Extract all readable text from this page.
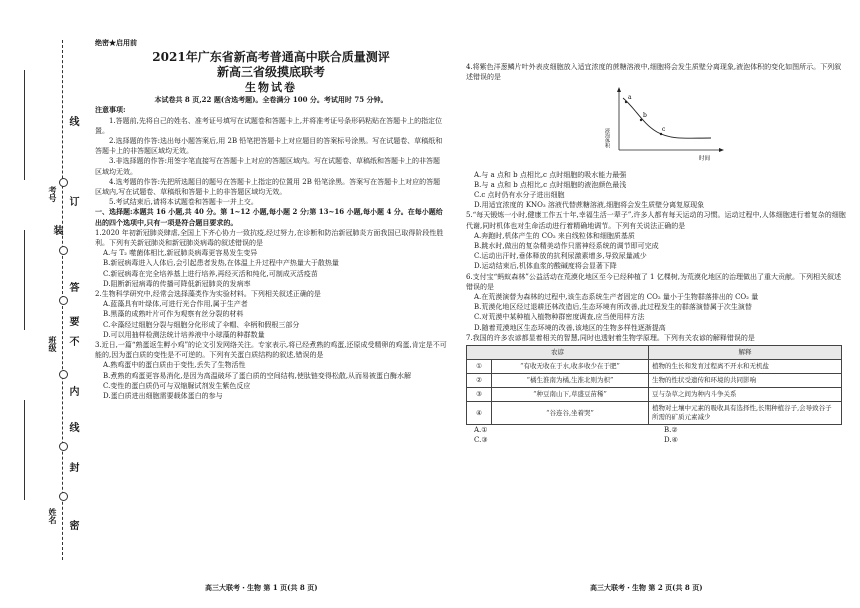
考号
班级
姓名
线
订
装
答
要
不
内
线
封
密
绝密★启用前
2021年广东省新高考普通高中联合质量测评
新高三省级摸底联考
生物试卷

本试卷共 8 页,22 题(含选考题)。全卷满分 100 分。考试用时 75 分钟。

注意事项:

1.答题前,先将自己的姓名、准考证号填写在试题卷和答题卡上,并将准考证号条形码粘贴在答题卡上的指定位置。

2.选择题的作答:选出每小题答案后,用 2B 铅笔把答题卡上对应题目的答案标号涂黑。写在试题卷、草稿纸和答题卡上的非答题区域均无效。

3.非选择题的作答:用签字笔直接写在答题卡上对应的答题区域内。写在试题卷、草稿纸和答题卡上的非答题区域均无效。

4.选考题的作答:先把所选题目的题号在答题卡上指定的位置用 2B 铅笔涂黑。答案写在答题卡上对应的答题区域内,写在试题卷、草稿纸和答题卡上的非答题区域均无效。

5.考试结束后,请将本试题卷和答题卡一并上交。

一、选择题:本题共 16 小题,共 40 分。第 1~12 小题,每小题 2 分;第 13~16 小题,每小题 4 分。在每小题给出的四个选项中,只有一项是符合题目要求的。

1.2020 年初新冠肺炎肆虐,全国上下齐心协力一致抗疫,经过努力,在诊断和防治新冠肺炎方面我国已取得阶段性胜利。下列有关新冠肺炎和新冠肺炎病毒的叙述错误的是

A.与 T₂ 噬菌体相比,新冠肺炎病毒更容易发生变异

B.新冠病毒进入人体后,会引起患者发热,在体温上升过程中产热量大于散热量

C.新冠病毒在完全培养基上进行培养,再经灭活和纯化,可制成灭活疫苗

D.阻断新冠病毒的传播可降低新冠肺炎的发病率

2.生物科学研究中,经常会选择藻类作为实验材料。下列相关叙述正确的是

A.蓝藻具有叶绿体,可进行光合作用,属于生产者

B.黑藻的成熟叶片可作为观察有丝分裂的材料

C.伞藻经过细胞分裂与细胞分化形成了伞帽、伞柄和假根三部分

D.可以用抽样检测法统计培养液中小球藻的种群数量

3.近日,一篇“熟蛋返生孵小鸡”的论文引发网络关注。专家表示,将已经煮熟的鸡蛋,还原成受精卵的鸡蛋,肯定是不可能的,因为蛋白质的变性是不可逆的。下列有关蛋白质结构的叙述,错误的是

A.熟鸡蛋中的蛋白质由于变性,丢失了生物活性

B.煮熟的鸡蛋更容易消化,是因为高温破坏了蛋白质的空间结构,使肽链变得松散,从而易被蛋白酶水解

C.变性的蛋白质仍可与双缩脲试剂发生紫色反应

D.蛋白质进出细胞需要载体蛋白的参与

高三大联考・生物 第 1 页(共 8 页)

4.将紫色洋葱鳞片叶外表皮细胞放入适宜浓度的蔗糖溶液中,细胞将会发生质壁分离现象,液泡体积的变化如图所示。下列叙述错误的是

a
b
c
液泡体积
时间

A.与 a 点和 b 点相比,c 点时细胞的吸水能力最强

B.与 a 点和 b 点相比,c 点时细胞的液泡颜色最浅

C.c 点时仍有水分子进出细胞

D.用适宜浓度的 KNO₃ 溶液代替蔗糖溶液,细胞将会发生质壁分离复原现象

5.“每天锻炼一小时,健康工作五十年,幸福生活一辈子”,许多人都有每天运动的习惯。运动过程中,人体细胞进行着复杂的细胞代谢,同时机体也对生命活动进行着精确地调节。下列有关说法正确的是

A.奔跑时,机体产生的 CO₂ 来自线粒体和细胞质基质

B.跳水时,做出的复杂精美动作只需神经系统的调节即可完成

C.运动出汗时,垂体释放的抗利尿激素增多,导致尿量减少

D.运动结束后,机体血浆的酸碱度将会显著下降

6.支付宝“蚂蚁森林”公益活动在荒漠化地区至今已经种植了 1 亿棵树,为荒漠化地区的治理做出了重大贡献。下列相关叙述错误的是

A.在荒漠演替为森林的过程中,该生态系统生产者固定的 CO₂ 量小于生物群落排出的 CO₂ 量

B.荒漠化地区经过退耕还林改造后,生态环境有所改善,此过程发生的群落演替属于次生演替

C.对荒漠中某种植入植物种群密度调查,应当使用样方法

D.随着荒漠地区生态环境的改善,该地区的生物多样性逐渐提高

7.我国的许多农谚都显着相关的智慧,同时也透射着生物学原理。下列有关农谚的解释错误的是

农谚		解释
①	“有收无收在于水,收多收少在于肥”	植物的生长和发育过程离不开水和无机盐
②	“橘生淮南为橘,生淮北则为枳”	生物的性状受遗传和环境的共同影响
③	“种豆南山下,草盛豆苗稀”	豆与杂草之间为种内斗争关系
④	“谷连谷,坐着哭”	植物对土壤中元素的吸收具有选择性,长期种植谷子,会导致谷子所需的矿质元素减少
A.①	B.②
C.③	D.④
高三大联考・生物 第 2 页(共 8 页)
